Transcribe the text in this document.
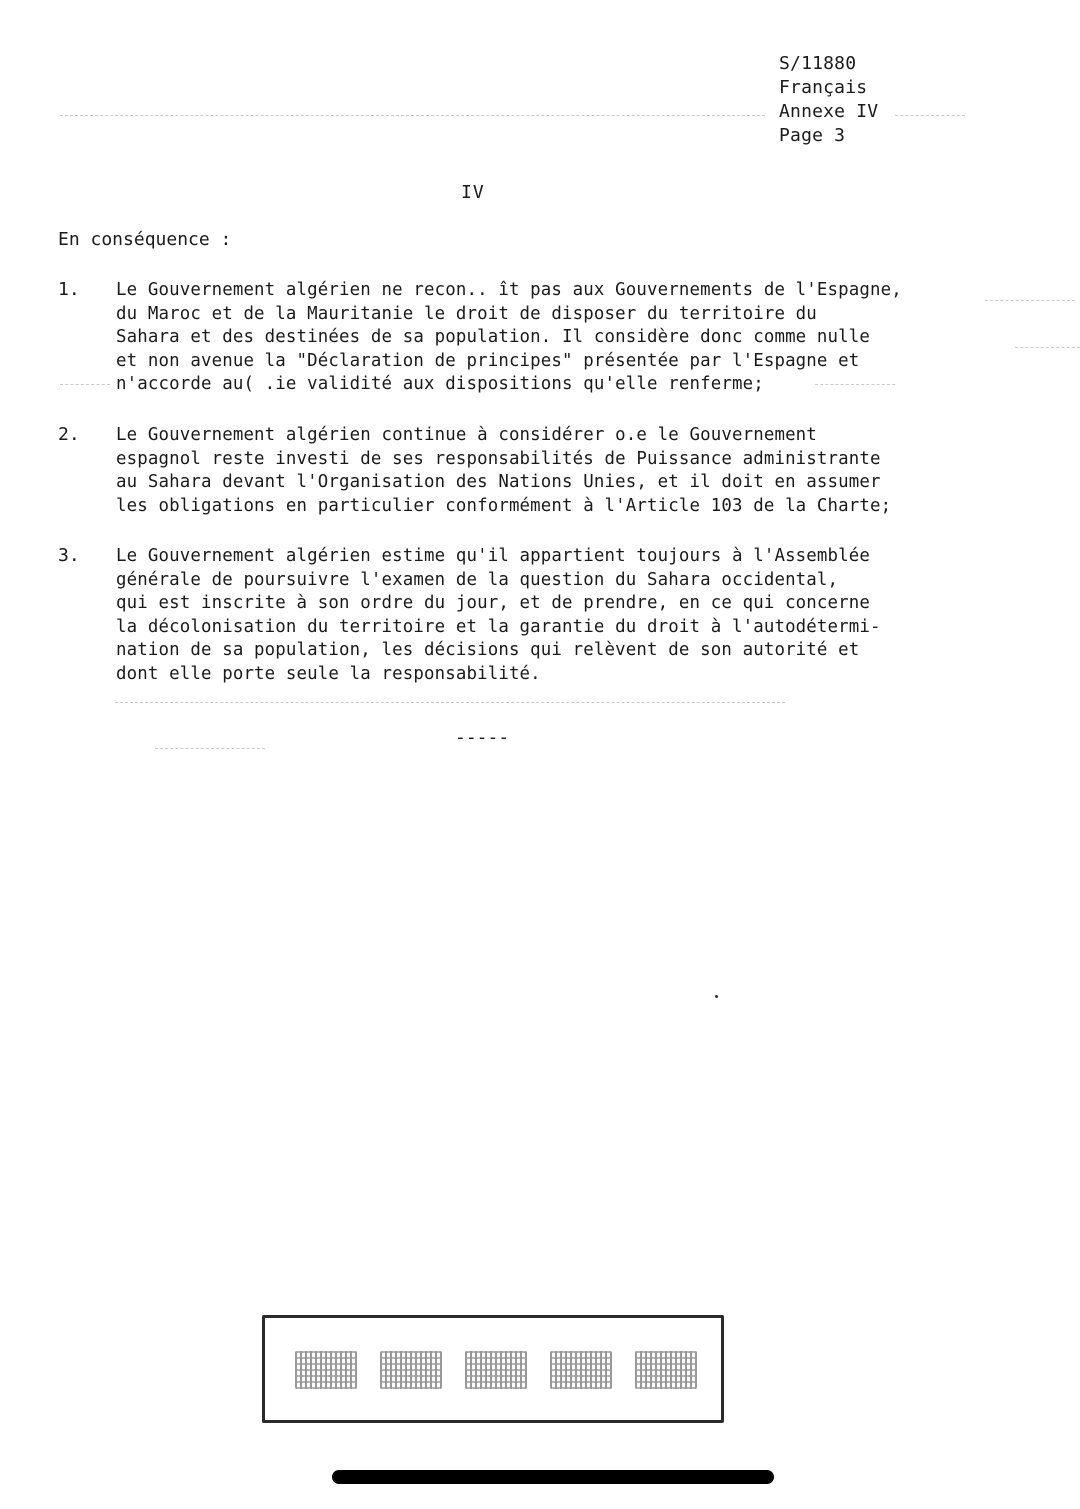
S/11880
Français
Annexe IV
Page 3
IV
En conséquence :
1. Le Gouvernement algérien ne recon.. ît pas aux Gouvernements de l'Espagne,
du Maroc et de la Mauritanie le droit de disposer du territoire du
Sahara et des destinées de sa population. Il considère donc comme nulle
et non avenue la "Déclaration de principes" présentée par l'Espagne et
n'accorde au( .ie validité aux dispositions qu'elle renferme;
2. Le Gouvernement algérien continue à considérer o.e le Gouvernement
espagnol reste investi de ses responsabilités de Puissance administrante
au Sahara devant l'Organisation des Nations Unies, et il doit en assumer
les obligations en particulier conformément à l'Article 103 de la Charte;
3. Le Gouvernement algérien estime qu'il appartient toujours à l'Assemblée
générale de poursuivre l'examen de la question du Sahara occidental,
qui est inscrite à son ordre du jour, et de prendre, en ce qui concerne
la décolonisation du territoire et la garantie du droit à l'autodétermi-
nation de sa population, les décisions qui relèvent de son autorité et
dont elle porte seule la responsabilité.
-----
